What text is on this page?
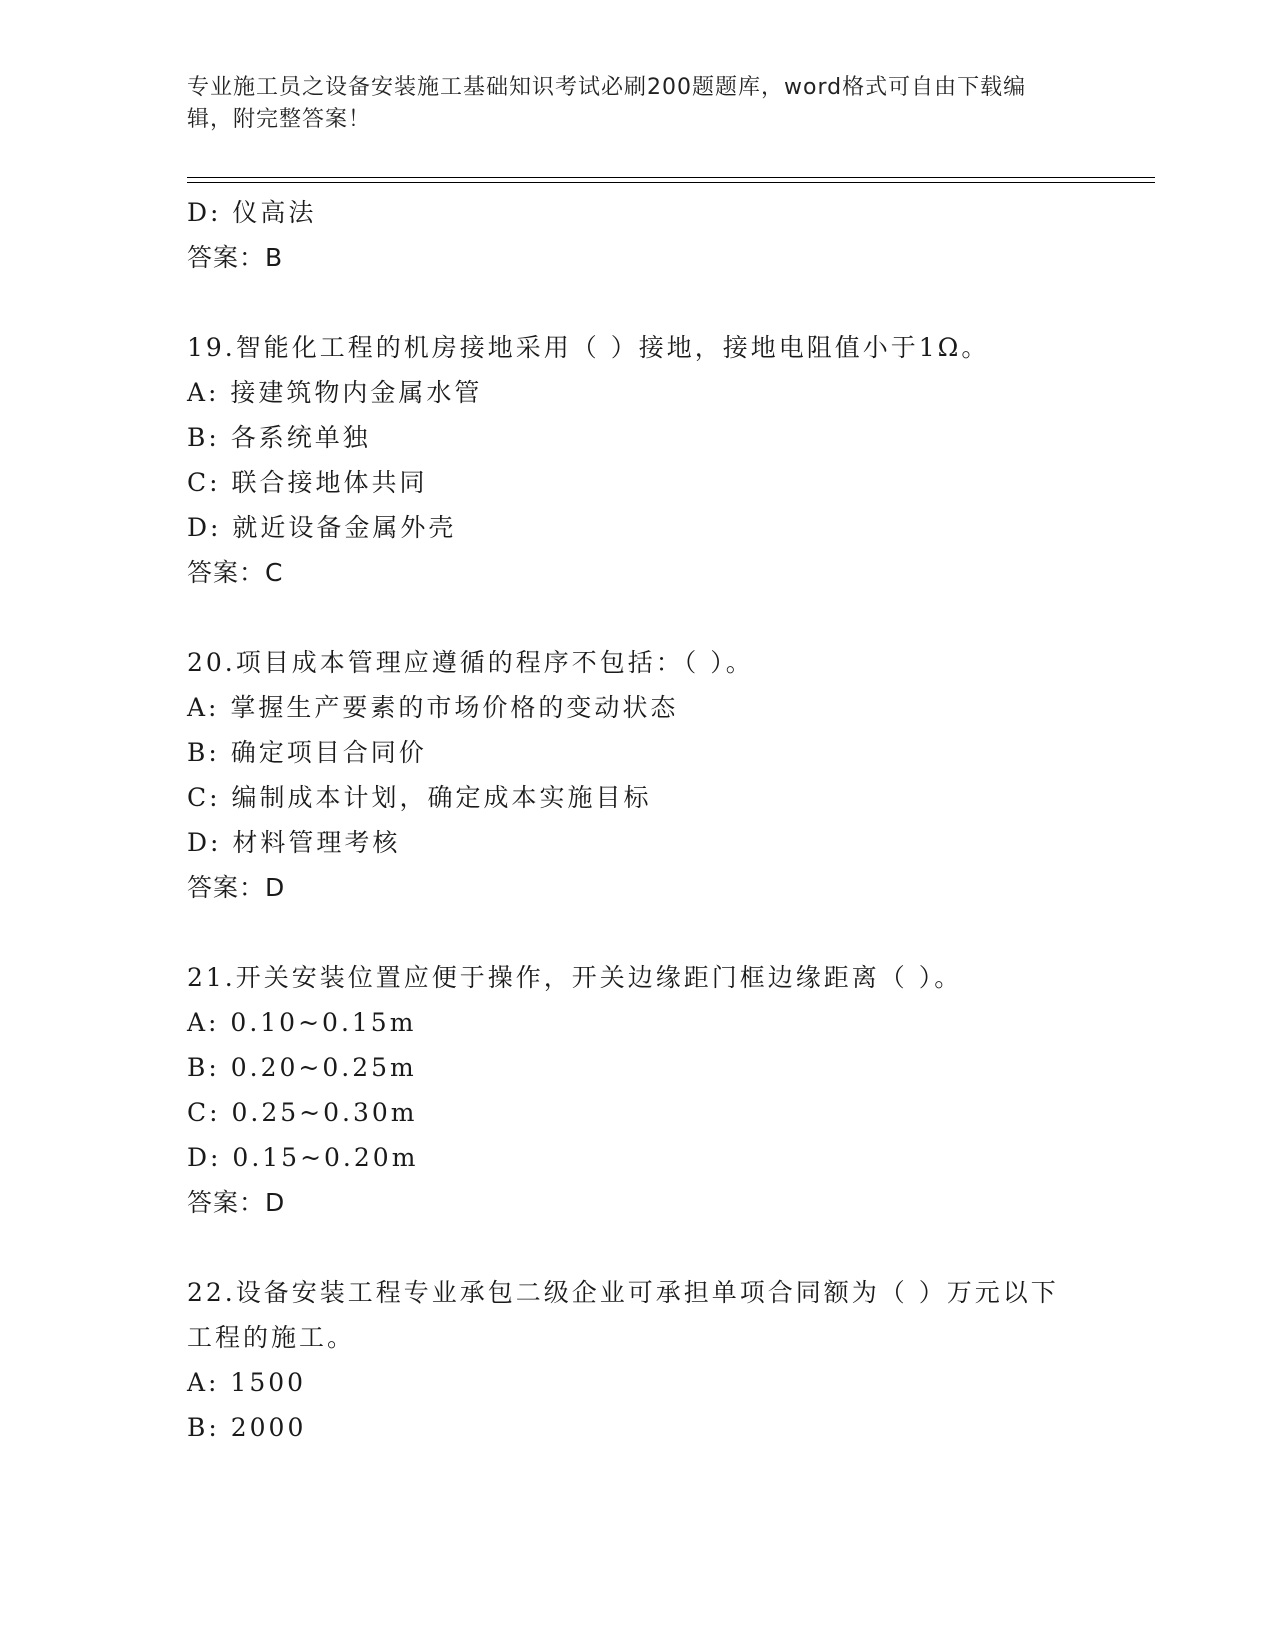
专业施工员之设备安装施工基础知识考试必刷200题题库，word格式可自由下载编辑，附完整答案！
D: 仪高法
答案：B
19.智能化工程的机房接地采用（ ）接地，接地电阻值小于1Ω。
A: 接建筑物内金属水管
B: 各系统单独
C: 联合接地体共同
D: 就近设备金属外壳
答案：C
20.项目成本管理应遵循的程序不包括：（ ）。
A: 掌握生产要素的市场价格的变动状态
B: 确定项目合同价
C: 编制成本计划，确定成本实施目标
D: 材料管理考核
答案：D
21.开关安装位置应便于操作，开关边缘距门框边缘距离（ ）。
A: 0.10~0.15m
B: 0.20~0.25m
C: 0.25~0.30m
D: 0.15~0.20m
答案：D
22.设备安装工程专业承包二级企业可承担单项合同额为（ ）万元以下工程的施工。
A: 1500
B: 2000
